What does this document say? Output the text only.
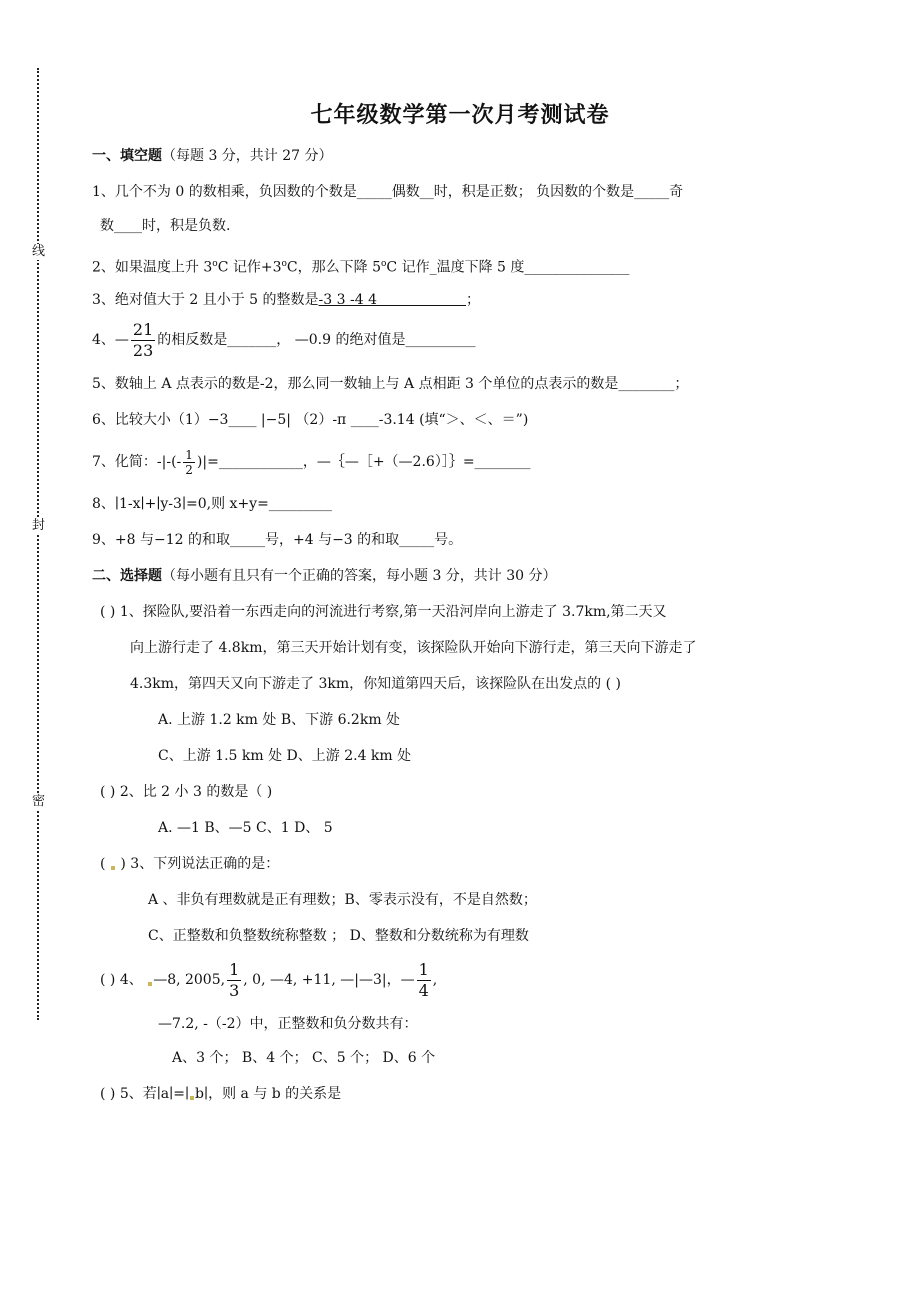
线
封
密
七年级数学第一次月考测试卷
一、填空题（每题 3 分，共计 27 分）
1、几个不为 0 的数相乘，负因数的个数是_____偶数__时，积是正数； 负因数的个数是_____奇
数____时，积是负数.
2、如果温度上升 3$^o$C 记作$+3^oC$，那么下降 5$^o$C 记作_温度下降 5 度_______________
3、绝对值大于 2 且小于 5 的整数是-3 3 -4 4	；
4、— $\frac{21}{23}$ 的相反数是_______， —0.9 的绝对值是__________
5、数轴上 A 点表示的数是-2，那么同一数轴上与 A 点相距 3 个单位的点表示的数是________；
6、比较大小（1）−3____ |−5| （2）-π ____-3.14 (填“＞、＜、＝”)
7、化简：-|-(- $\frac{1}{2}$ )|=____________，—｛—［+（—2.6）］｝=________
8、∣1-x∣+∣y-3∣=0,则 x+y=_________
9、+8 与−12 的和取_____号，+4 与−3 的和取_____号。
二、选择题（每小题有且只有一个正确的答案，每小题 3 分，共计 30 分）
( ) 1、探险队,要沿着一东西走向的河流进行考察,第一天沿河岸向上游走了 3.7km,第二天又
向上游行走了 4.8km，第三天开始计划有变，该探险队开始向下游行走，第三天向下游走了
4.3km，第四天又向下游走了 3km，你知道第四天后，该探险队在出发点的 ( )
A. 上游 1.2 km 处 B、下游 6.2km 处
C、上游 1.5 km 处 D、上游 2.4 km 处
( ) 2、比 2 小 3 的数是（ )
A. —1 B、—5 C、1 D、 5
(  ) 3、下列说法正确的是：
A 、非负有理数就是正有理数；B、零表示没有，不是自然数；
C、正整数和负整数统称整数 ； D、整数和分数统称为有理数
( ) 4、 —8, 2005, $\frac{1}{3}$ , 0, —4, +11, —|—3|，— $\frac{1}{4}$ ,
—7.2, -（-2）中，正整数和负分数共有：
A、3 个； B、4 个； C、5 个； D、6 个
( ) 5、若∣a∣=∣ b∣，则 a 与 b 的关系是
